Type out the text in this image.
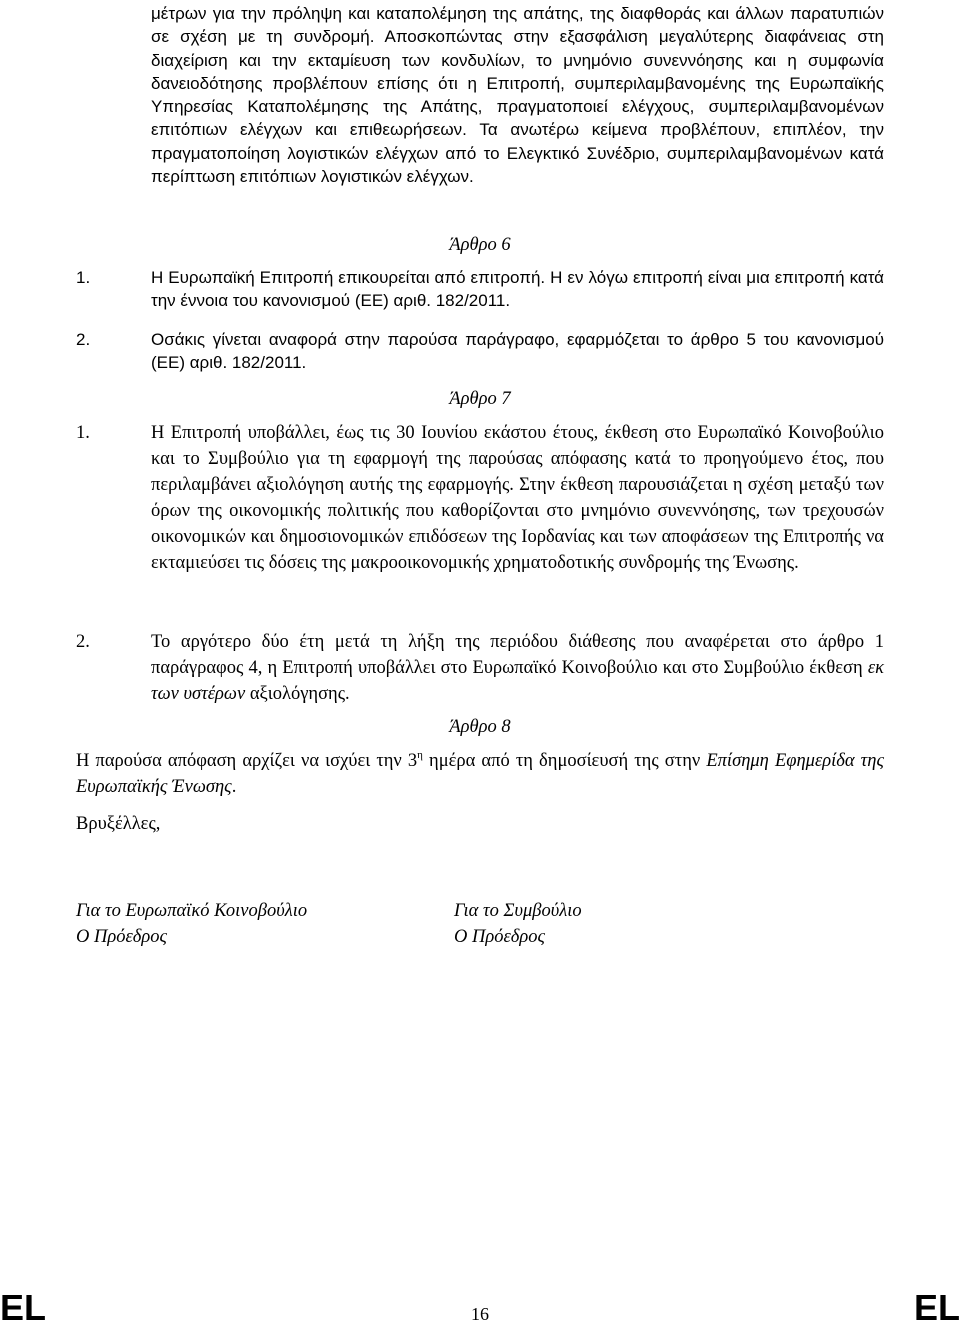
μέτρων για την πρόληψη και καταπολέμηση της απάτης, της διαφθοράς και άλλων παρατυπιών σε σχέση με τη συνδρομή. Αποσκοπώντας στην εξασφάλιση μεγαλύτερης διαφάνειας στη διαχείριση και την εκταμίευση των κονδυλίων, το μνημόνιο συνεννόησης και η συμφωνία δανειοδότησης προβλέπουν επίσης ότι η Επιτροπή, συμπεριλαμβανομένης της Ευρωπαϊκής Υπηρεσίας Καταπολέμησης της Απάτης, πραγματοποιεί ελέγχους, συμπεριλαμβανομένων επιτόπιων ελέγχων και επιθεωρήσεων. Τα ανωτέρω κείμενα προβλέπουν, επιπλέον, την πραγματοποίηση λογιστικών ελέγχων από το Ελεγκτικό Συνέδριο, συμπεριλαμβανομένων κατά περίπτωση επιτόπιων λογιστικών ελέγχων.
Άρθρο 6
1.	Η Ευρωπαϊκή Επιτροπή επικουρείται από επιτροπή. Η εν λόγω επιτροπή είναι μια επιτροπή κατά την έννοια του κανονισμού (ΕΕ) αριθ. 182/2011.
2.	Οσάκις γίνεται αναφορά στην παρούσα παράγραφο, εφαρμόζεται το άρθρο 5 του κανονισμού (ΕΕ) αριθ. 182/2011.
Άρθρο 7
1.	Η Επιτροπή υποβάλλει, έως τις 30 Ιουνίου εκάστου έτους, έκθεση στο Ευρωπαϊκό Κοινοβούλιο και το Συμβούλιο για τη εφαρμογή της παρούσας απόφασης κατά το προηγούμενο έτος, που περιλαμβάνει αξιολόγηση αυτής της εφαρμογής. Στην έκθεση παρουσιάζεται η σχέση μεταξύ των όρων της οικονομικής πολιτικής που καθορίζονται στο μνημόνιο συνεννόησης, των τρεχουσών οικονομικών και δημοσιονομικών επιδόσεων της Ιορδανίας και των αποφάσεων της Επιτροπής να εκταμιεύσει τις δόσεις της μακροοικονομικής χρηματοδοτικής συνδρομής της Ένωσης.
2.	Το αργότερο δύο έτη μετά τη λήξη της περιόδου διάθεσης που αναφέρεται στο άρθρο 1 παράγραφος 4, η Επιτροπή υποβάλλει στο Ευρωπαϊκό Κοινοβούλιο και στο Συμβούλιο έκθεση εκ των υστέρων αξιολόγησης.
Άρθρο 8
Η παρούσα απόφαση αρχίζει να ισχύει την $3^\eta$ ημέρα από τη δημοσίευσή της στην Επίσημη Εφημερίδα της Ευρωπαϊκής Ένωσης.
Βρυξέλλες,
Για το Ευρωπαϊκό Κοινοβούλιο
Ο Πρόεδρος
Για το Συμβούλιο
Ο Πρόεδρος
EL	16	EL
